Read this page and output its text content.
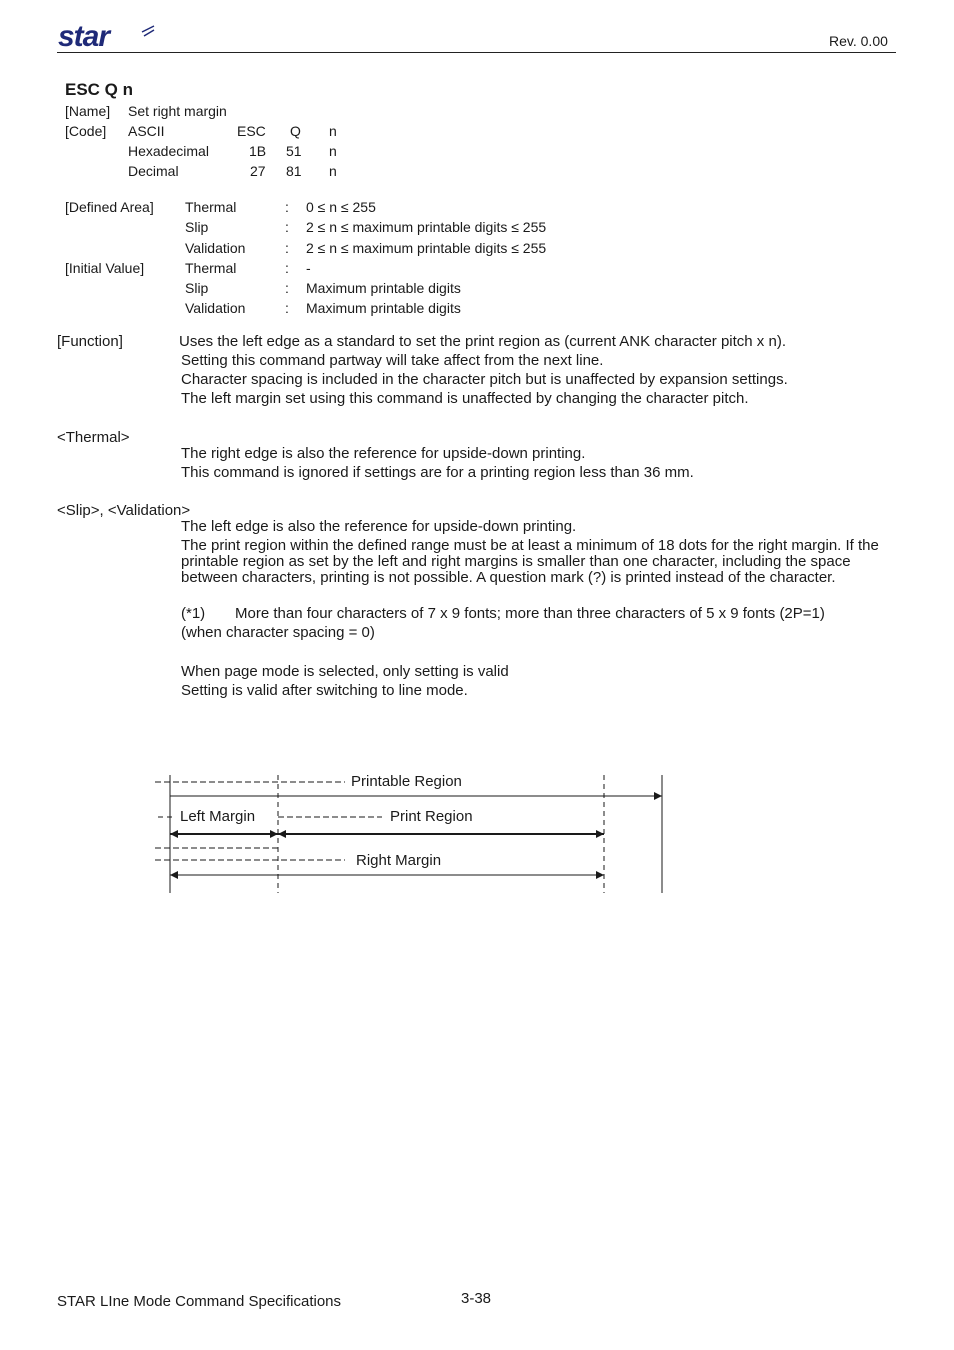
star	Rev. 0.00
ESC Q n
[Name] Set right margin
[Code] ASCII	ESC Q n
Hexadecimal	1B 51 n
Decimal	27 81 n
[Defined Area] Thermal	: 0 ≤ n ≤ 255
Slip	: 2 ≤ n ≤ maximum printable digits ≤ 255
Validation	: 2 ≤ n ≤ maximum printable digits ≤ 255
[Initial Value]	Thermal	: -
Slip	: Maximum printable digits
Validation	: Maximum printable digits
[Function]	Uses the left edge as a standard to set the print region as (current ANK character pitch x n).
Setting this command partway will take affect from the next line.
Character spacing is included in the character pitch but is unaffected by expansion settings.
The left margin set using this command is unaffected by changing the character pitch.
<Thermal>
The right edge is also the reference for upside-down printing.
This command is ignored if settings are for a printing region less than 36 mm.
<Slip>, <Validation>
The left edge is also the reference for upside-down printing.
The print region within the defined range must be at least a minimum of 18 dots for the right margin. If the printable region as set by the left and right margins is smaller than one character, including the space between characters, printing is not possible. A question mark (?) is printed instead of the character.
(*1) More than four characters of 7 x 9 fonts; more than three characters of 5 x 9 fonts (2P=1)
(when character spacing = 0)
When page mode is selected, only setting is valid
Setting is valid after switching to line mode.
Printable Region
Left Margin	Print Region
Right Margin
STAR LIne Mode Command Specifications	3-38
